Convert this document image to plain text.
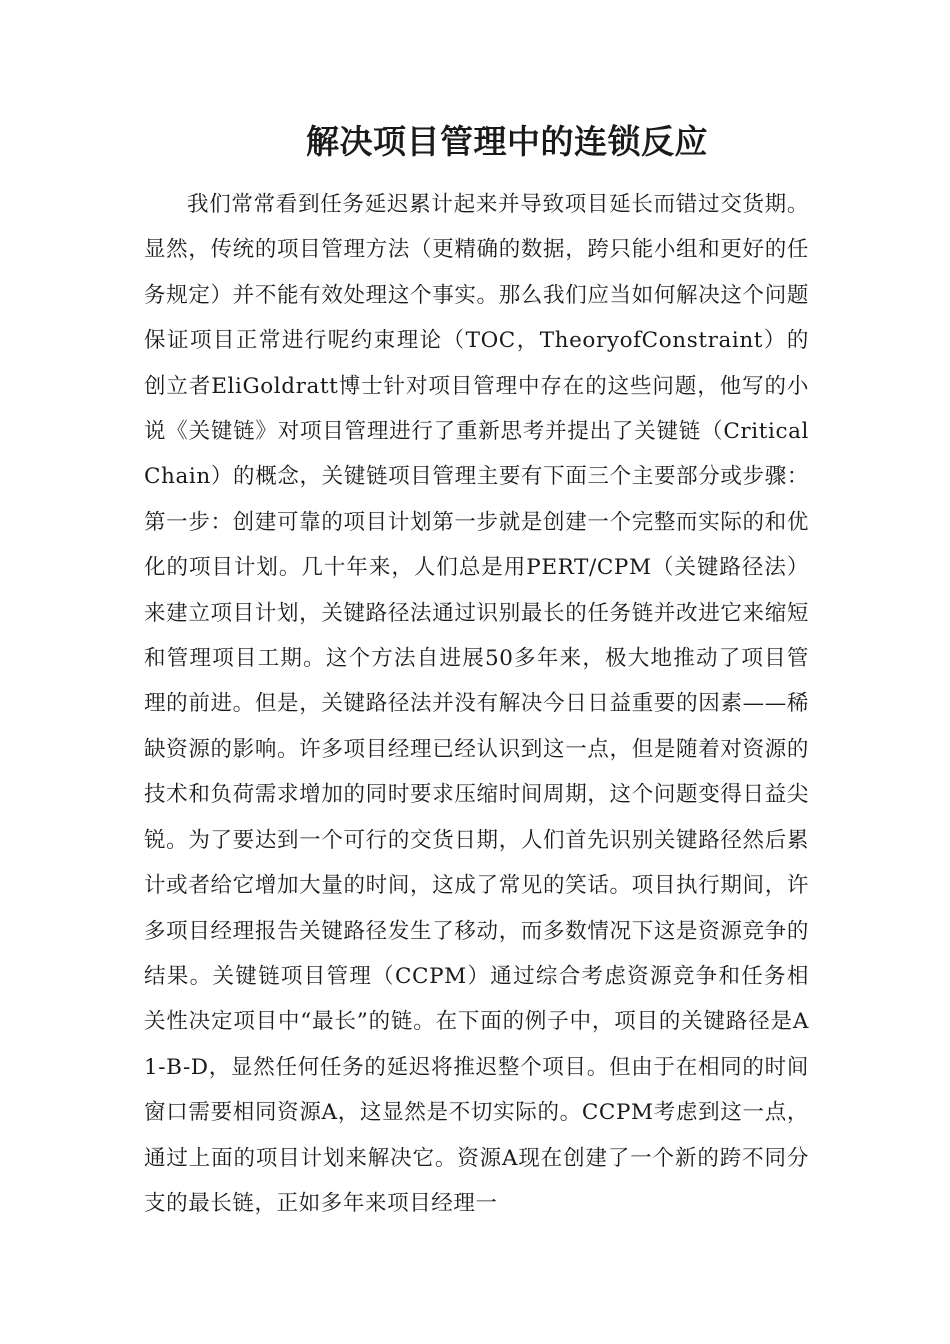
解决项目管理中的连锁反应

我们常常看到任务延迟累计起来并导致项目延长而错过交货期。显然，传统的项目管理方法（更精确的数据，跨只能小组和更好的任务规定）并不能有效处理这个事实。那么我们应当如何解决这个问题保证项目正常进行呢约束理论（TOC，TheoryofConstraint）的创立者EliGoldratt博士针对项目管理中存在的这些问题，他写的小说《关键链》对项目管理进行了重新思考并提出了关键链（CriticalChain）的概念，关键链项目管理主要有下面三个主要部分或步骤：第一步：创建可靠的项目计划第一步就是创建一个完整而实际的和优化的项目计划。几十年来，人们总是用PERT/CPM（关键路径法）来建立项目计划，关键路径法通过识别最长的任务链并改进它来缩短和管理项目工期。这个方法自进展50多年来，极大地推动了项目管理的前进。但是，关键路径法并没有解决今日日益重要的因素——稀缺资源的影响。许多项目经理已经认识到这一点，但是随着对资源的技术和负荷需求增加的同时要求压缩时间周期，这个问题变得日益尖锐。为了要达到一个可行的交货日期，人们首先识别关键路径然后累计或者给它增加大量的时间，这成了常见的笑话。项目执行期间，许多项目经理报告关键路径发生了移动，而多数情况下这是资源竞争的结果。关键链项目管理（CCPM）通过综合考虑资源竞争和任务相关性决定项目中“最长”的链。在下面的例子中，项目的关键路径是A1-B-D，显然任何任务的延迟将推迟整个项目。但由于在相同的时间窗口需要相同资源A，这显然是不切实际的。CCPM考虑到这一点，通过上面的项目计划来解决它。资源A现在创建了一个新的跨不同分支的最长链，正如多年来项目经理一
